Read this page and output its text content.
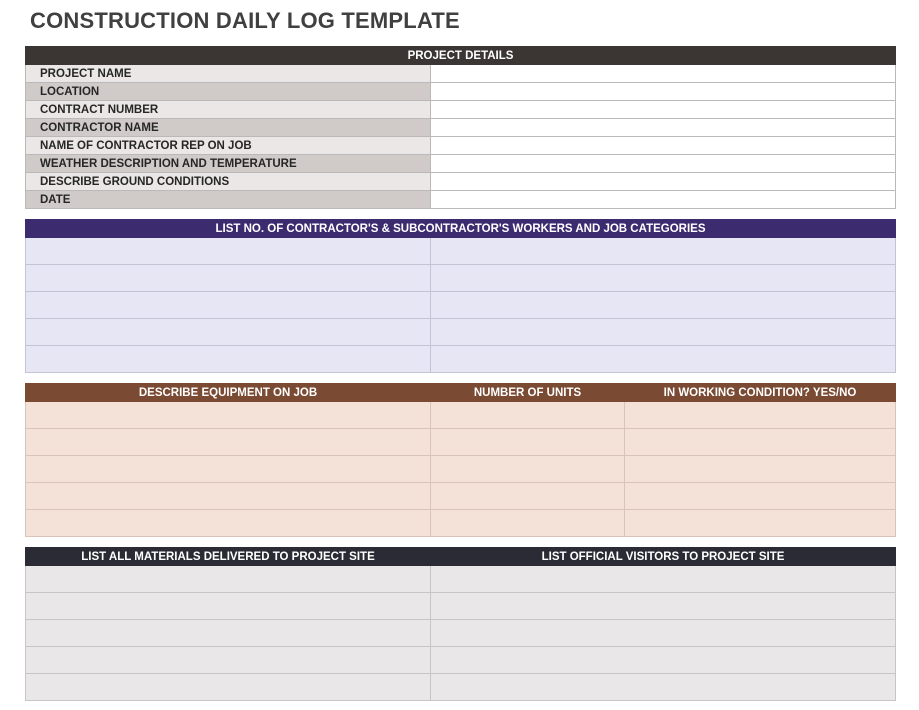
CONSTRUCTION DAILY LOG TEMPLATE
PROJECT DETAILS	
PROJECT NAME	
LOCATION	
CONTRACT NUMBER	
CONTRACTOR NAME	
NAME OF CONTRACTOR REP ON JOB	
WEATHER DESCRIPTION AND TEMPERATURE	
DESCRIBE GROUND CONDITIONS	
DATE	
LIST NO. OF CONTRACTOR'S & SUBCONTRACTOR'S WORKERS AND JOB CATEGORIES	

DESCRIBE EQUIPMENT ON JOB	NUMBER OF UNITS	IN WORKING CONDITION? YES/NO

LIST ALL MATERIALS DELIVERED TO PROJECT SITE	LIST OFFICIAL VISITORS TO PROJECT SITE
